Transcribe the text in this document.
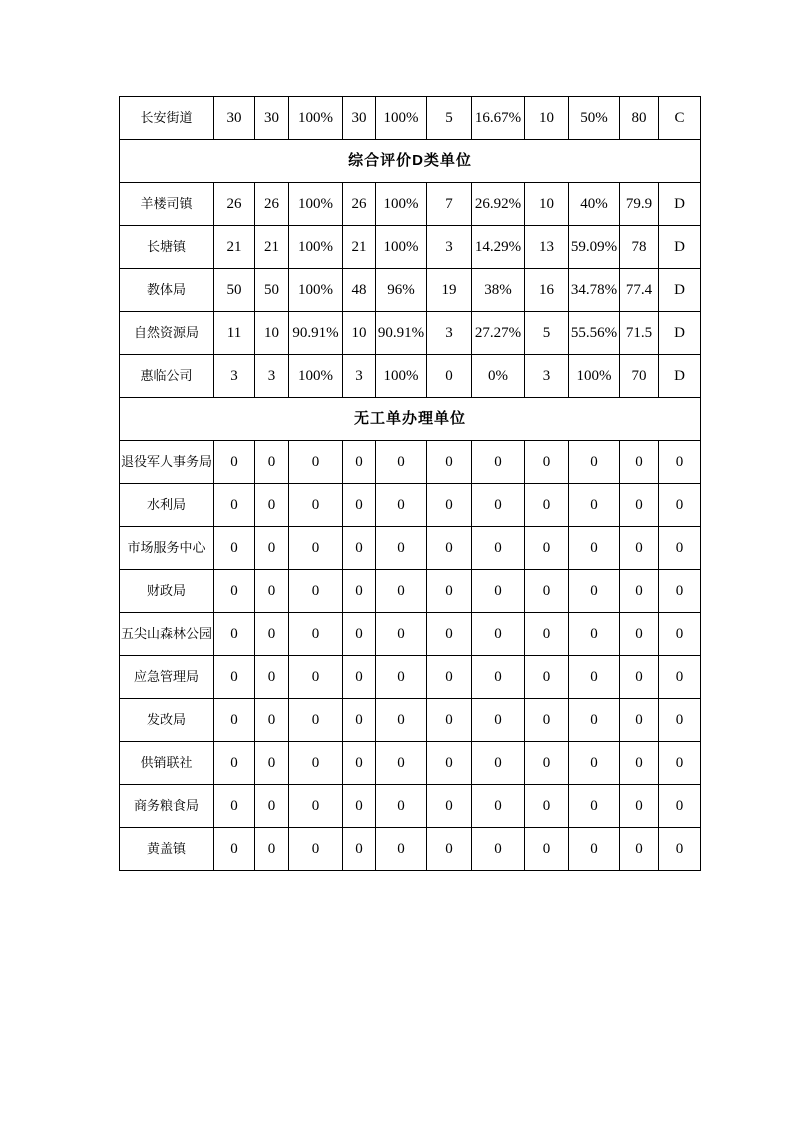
长安街道	30	30	100%	30	100%	5	16.67%	10	50%	80	C
综合评价D类单位											
羊楼司镇	26	26	100%	26	100%	7	26.92%	10	40%	79.9	D
长塘镇	21	21	100%	21	100%	3	14.29%	13	59.09%	78	D
教体局	50	50	100%	48	96%	19	38%	16	34.78%	77.4	D
自然资源局	11	10	90.91%	10	90.91%	3	27.27%	5	55.56%	71.5	D
惠临公司	3	3	100%	3	100%	0	0%	3	100%	70	D
无工单办理单位											
退役军人事务局	0	0	0	0	0	0	0	0	0	0	0
水利局	0	0	0	0	0	0	0	0	0	0	0
市场服务中心	0	0	0	0	0	0	0	0	0	0	0
财政局	0	0	0	0	0	0	0	0	0	0	0
五尖山森林公园	0	0	0	0	0	0	0	0	0	0	0
应急管理局	0	0	0	0	0	0	0	0	0	0	0
发改局	0	0	0	0	0	0	0	0	0	0	0
供销联社	0	0	0	0	0	0	0	0	0	0	0
商务粮食局	0	0	0	0	0	0	0	0	0	0	0
黄盖镇	0	0	0	0	0	0	0	0	0	0	0
